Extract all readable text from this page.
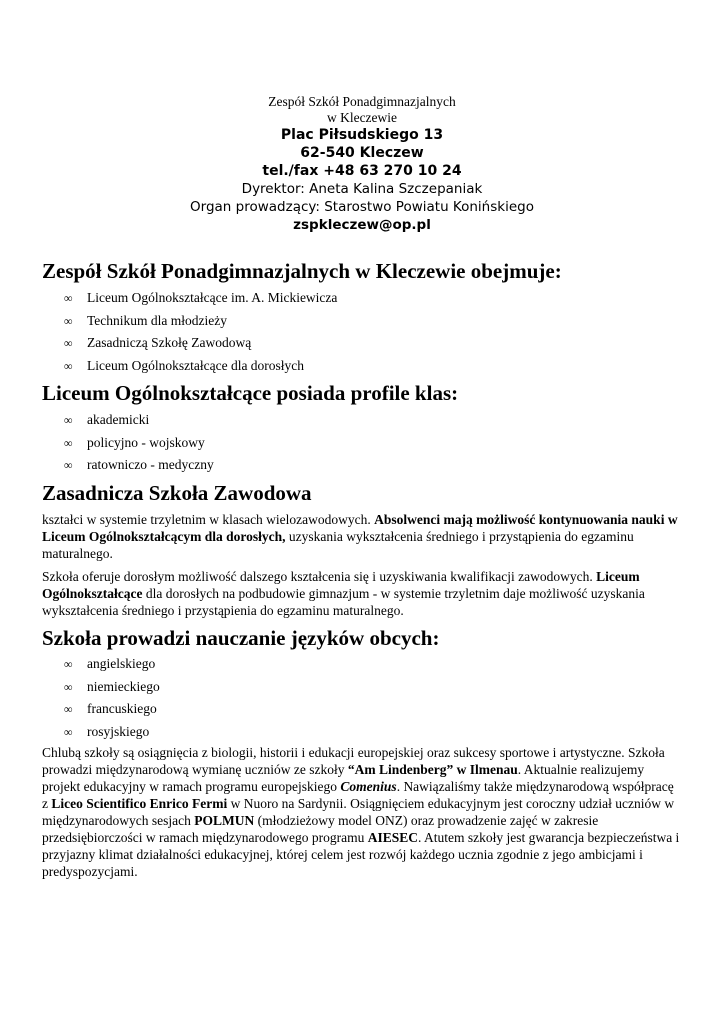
Zespół Szkół Ponadgimnazjalnych
w Kleczewie
Plac Piłsudskiego 13
62-540 Kleczew
tel./fax +48 63 270 10 24
Dyrektor: Aneta Kalina Szczepaniak
Organ prowadzący: Starostwo Powiatu Konińskiego
zspkleczew@op.pl
Zespół Szkół Ponadgimnazjalnych w Kleczewie obejmuje:
∞ Liceum Ogólnokształcące im. A. Mickiewicza
∞ Technikum dla młodzieży
∞ Zasadniczą Szkołę Zawodową
∞ Liceum Ogólnokształcące dla dorosłych
Liceum Ogólnokształcące posiada profile klas:
∞ akademicki
∞ policyjno - wojskowy
∞ ratowniczo - medyczny
Zasadnicza Szkoła Zawodowa
kształci w systemie trzyletnim w klasach wielozawodowych. Absolwenci mają możliwość kontynuowania nauki w Liceum Ogólnokształcącym dla dorosłych, uzyskania wykształcenia średniego i przystąpienia do egzaminu maturalnego.
Szkoła oferuje dorosłym możliwość dalszego kształcenia się i uzyskiwania kwalifikacji zawodowych. Liceum Ogólnokształcące dla dorosłych na podbudowie gimnazjum - w systemie trzyletnim daje możliwość uzyskania wykształcenia średniego i przystąpienia do egzaminu maturalnego.
Szkoła prowadzi nauczanie języków obcych:
∞ angielskiego
∞ niemieckiego
∞ francuskiego
∞ rosyjskiego
Chlubą szkoły są osiągnięcia z biologii, historii i edukacji europejskiej oraz sukcesy sportowe i artystyczne. Szkoła prowadzi międzynarodową wymianę uczniów ze szkoły “Am Lindenberg” w Ilmenau. Aktualnie realizujemy projekt edukacyjny w ramach programu europejskiego Comenius. Nawiązaliśmy także międzynarodową współpracę z Liceo Scientifico Enrico Fermi w Nuoro na Sardynii. Osiągnięciem edukacyjnym jest coroczny udział uczniów w międzynarodowych sesjach POLMUN (młodzieżowy model ONZ) oraz prowadzenie zajęć w zakresie przedsiębiorczości w ramach międzynarodowego programu AIESEC. Atutem szkoły jest gwarancja bezpieczeństwa i przyjazny klimat działalności edukacyjnej, której celem jest rozwój każdego ucznia zgodnie z jego ambicjami i predyspozycjami.
